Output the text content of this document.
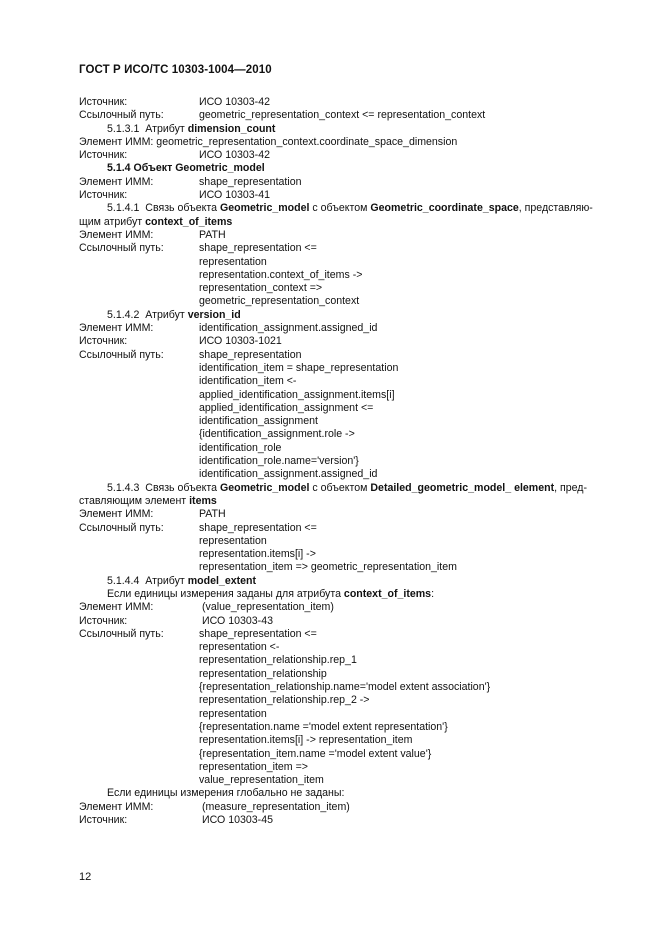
ГОСТ Р ИСО/ТС 10303-1004—2010
Источник:	ИСО 10303-42
Ссылочный путь:	geometric_representation_context <= representation_context
5.1.3.1 Атрибут dimension_count
Элемент ИММ: geometric_representation_context.coordinate_space_dimension
Источник:	ИСО 10303-42
5.1.4 Объект Geometric_model
Элемент ИММ:	shape_representation
Источник:	ИСО 10303-41
5.1.4.1 Связь объекта Geometric_model с объектом Geometric_coordinate_space, представляю-
щим атрибут context_of_items
Элемент ИММ:	PATH
Ссылочный путь:	shape_representation <=
representation
representation.context_of_items ->
representation_context =>
geometric_representation_context
5.1.4.2 Атрибут version_id
Элемент ИММ:	identification_assignment.assigned_id
Источник:	ИСО 10303-1021
Ссылочный путь:	shape_representation
identification_item = shape_representation
identification_item <-
applied_identification_assignment.items[i]
applied_identification_assignment <=
identification_assignment
{identification_assignment.role ->
identification_role
identification_role.name='version'}
identification_assignment.assigned_id
5.1.4.3 Связь объекта Geometric_model с объектом Detailed_geometric_model_ element, пред-
ставляющим элемент items
Элемент ИММ:	PATH
Ссылочный путь:	shape_representation <=
representation
representation.items[i] ->
representation_item => geometric_representation_item
5.1.4.4 Атрибут model_extent
Если единицы измерения заданы для атрибута context_of_items:
Элемент ИММ:	(value_representation_item)
Источник:	ИСО 10303-43
Ссылочный путь:	shape_representation <=
representation <-
representation_relationship.rep_1
representation_relationship
{representation_relationship.name='model extent association'}
representation_relationship.rep_2 ->
representation
{representation.name ='model extent representation'}
representation.items[i] -> representation_item
{representation_item.name ='model extent value'}
representation_item =>
value_representation_item
Если единицы измерения глобально не заданы:
Элемент ИММ:	(measure_representation_item)
Источник:	ИСО 10303-45
12
